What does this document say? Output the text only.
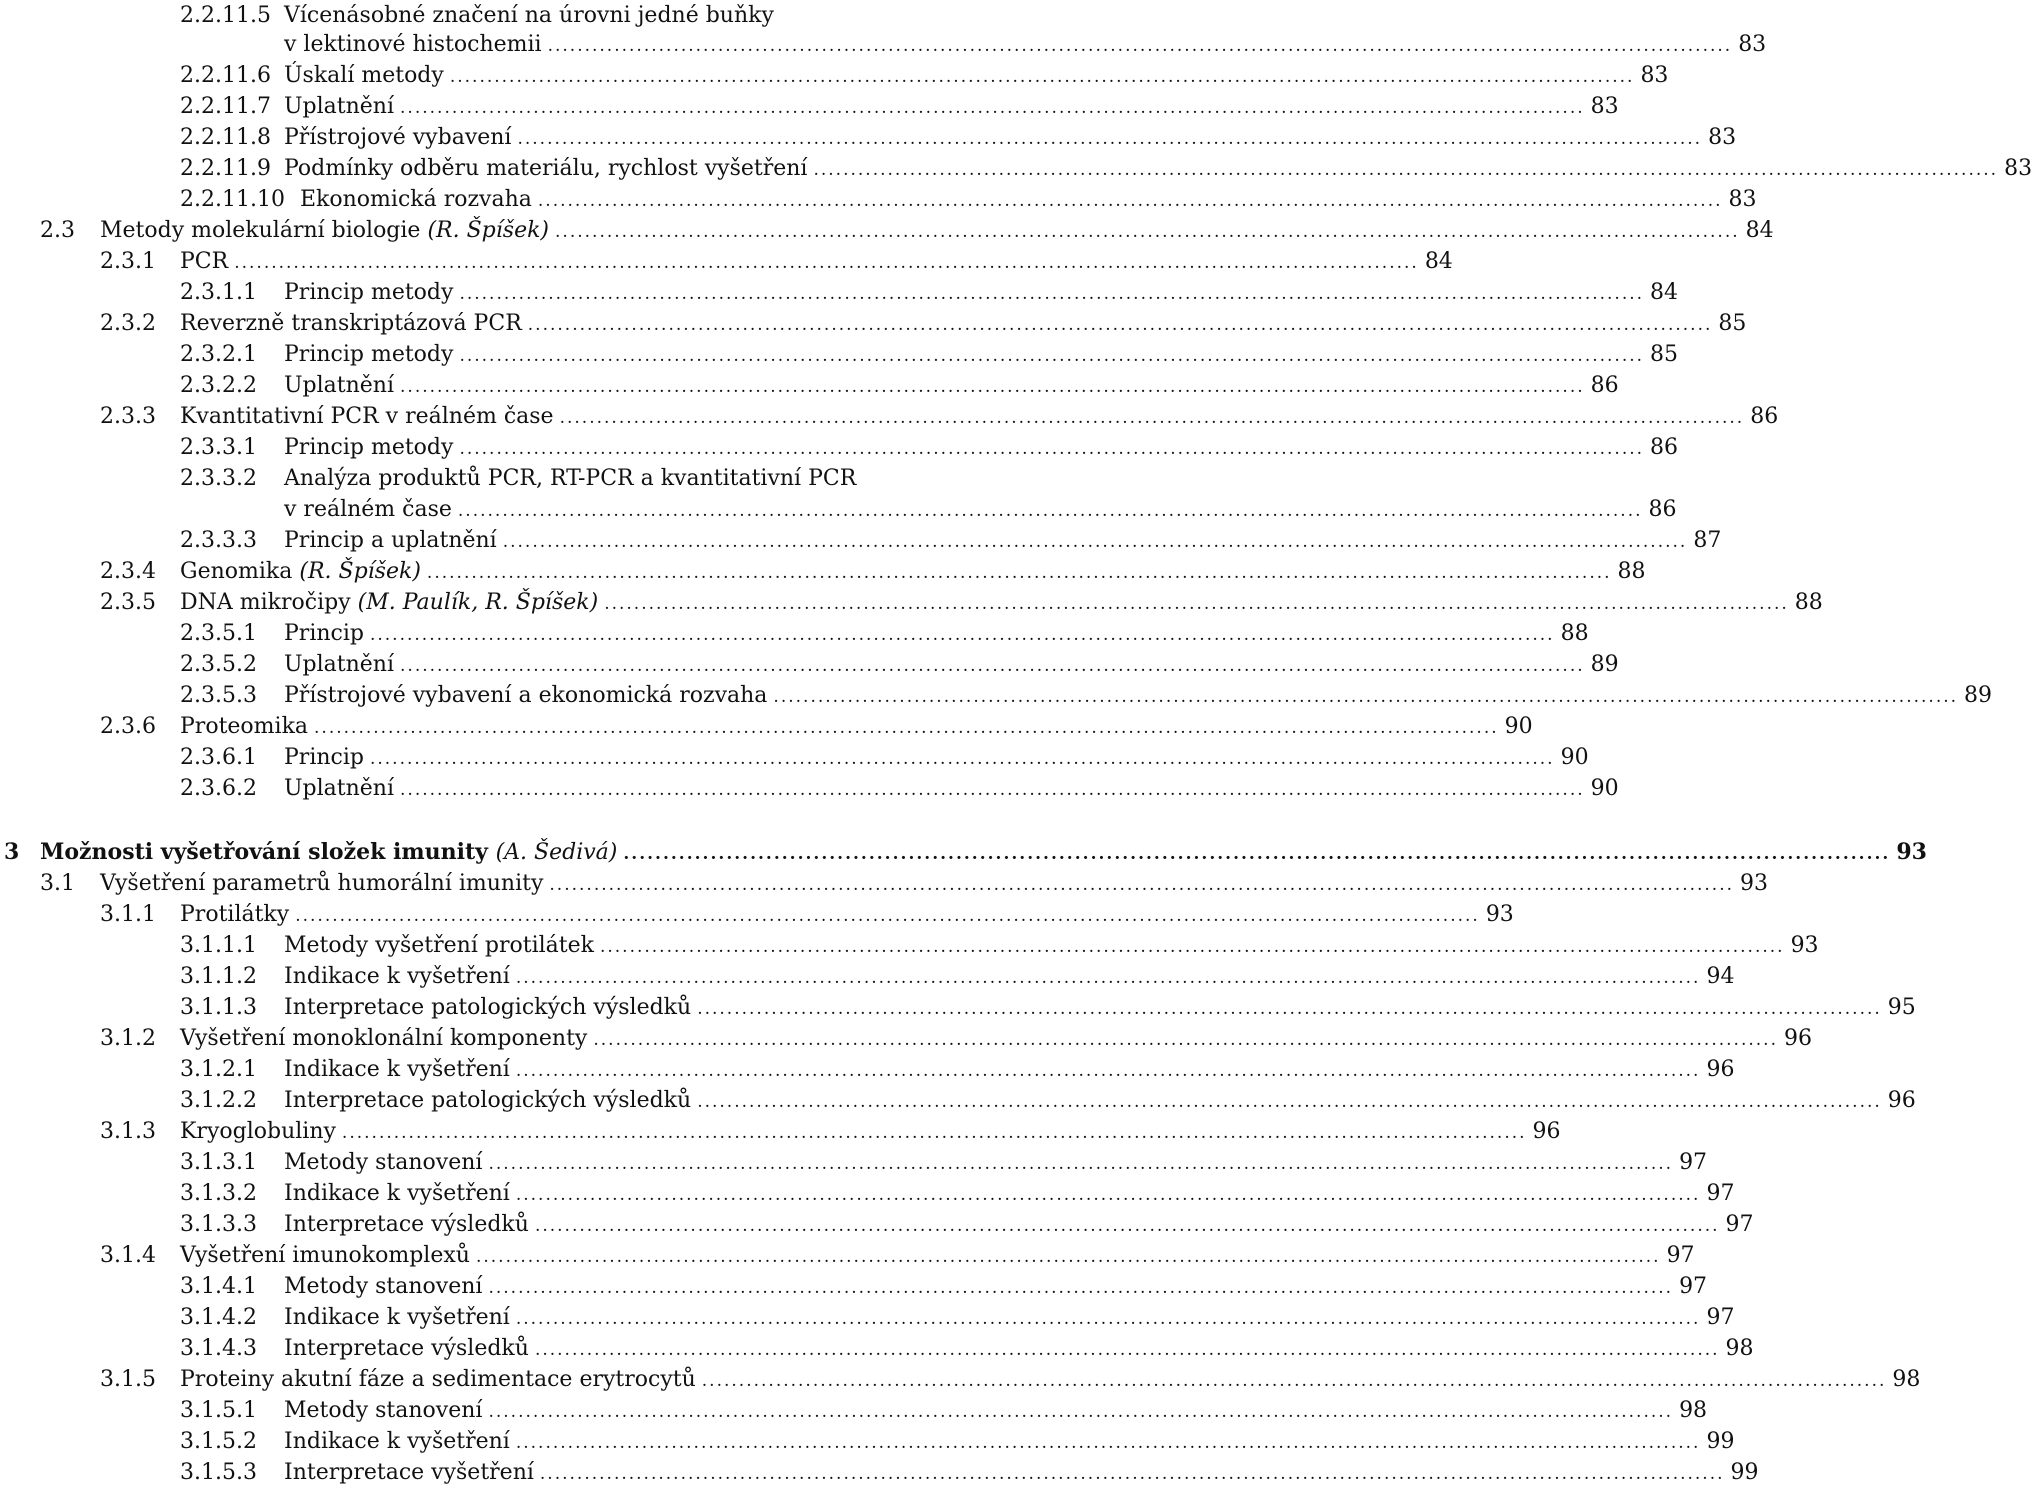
2.2.11.5 Vícenásobné značení na úrovni jedné buňky
v lektinové histochemii ................................................................................................................................................................ 83
2.2.11.6 Úskalí metody ................................................................................................................................................................ 83
2.2.11.7 Uplatnění ................................................................................................................................................................ 83
2.2.11.8 Přístrojové vybavení ................................................................................................................................................................ 83
2.2.11.9 Podmínky odběru materiálu, rychlost vyšetření ................................................................................................................................................................ 83
2.2.11.10 Ekonomická rozvaha ................................................................................................................................................................ 83
2.3 Metody molekulární biologie (R. Špíšek) ................................................................................................................................................................ 84
2.3.1 PCR ................................................................................................................................................................ 84
2.3.1.1 Princip metody ................................................................................................................................................................ 84
2.3.2 Reverzně transkriptázová PCR ................................................................................................................................................................ 85
2.3.2.1 Princip metody ................................................................................................................................................................ 85
2.3.2.2 Uplatnění ................................................................................................................................................................ 86
2.3.3 Kvantitativní PCR v reálném čase ................................................................................................................................................................ 86
2.3.3.1 Princip metody ................................................................................................................................................................ 86
2.3.3.2 Analýza produktů PCR, RT-PCR a kvantitativní PCR
v reálném čase ................................................................................................................................................................ 86
2.3.3.3 Princip a uplatnění ................................................................................................................................................................ 87
2.3.4 Genomika (R. Špíšek) ................................................................................................................................................................ 88
2.3.5 DNA mikročipy (M. Paulík, R. Špíšek) ................................................................................................................................................................ 88
2.3.5.1 Princip ................................................................................................................................................................ 88
2.3.5.2 Uplatnění ................................................................................................................................................................ 89
2.3.5.3 Přístrojové vybavení a ekonomická rozvaha ................................................................................................................................................................ 89
2.3.6 Proteomika ................................................................................................................................................................ 90
2.3.6.1 Princip ................................................................................................................................................................ 90
2.3.6.2 Uplatnění ................................................................................................................................................................ 90
3 Možnosti vyšetřování složek imunity (A. Šedivá) ................................................................................................................................................................ 93
3.1 Vyšetření parametrů humorální imunity ................................................................................................................................................................ 93
3.1.1 Protilátky ................................................................................................................................................................ 93
3.1.1.1 Metody vyšetření protilátek ................................................................................................................................................................ 93
3.1.1.2 Indikace k vyšetření ................................................................................................................................................................ 94
3.1.1.3 Interpretace patologických výsledků ................................................................................................................................................................ 95
3.1.2 Vyšetření monoklonální komponenty ................................................................................................................................................................ 96
3.1.2.1 Indikace k vyšetření ................................................................................................................................................................ 96
3.1.2.2 Interpretace patologických výsledků ................................................................................................................................................................ 96
3.1.3 Kryoglobuliny ................................................................................................................................................................ 96
3.1.3.1 Metody stanovení ................................................................................................................................................................ 97
3.1.3.2 Indikace k vyšetření ................................................................................................................................................................ 97
3.1.3.3 Interpretace výsledků ................................................................................................................................................................ 97
3.1.4 Vyšetření imunokomplexů ................................................................................................................................................................ 97
3.1.4.1 Metody stanovení ................................................................................................................................................................ 97
3.1.4.2 Indikace k vyšetření ................................................................................................................................................................ 97
3.1.4.3 Interpretace výsledků ................................................................................................................................................................ 98
3.1.5 Proteiny akutní fáze a sedimentace erytrocytů ................................................................................................................................................................ 98
3.1.5.1 Metody stanovení ................................................................................................................................................................ 98
3.1.5.2 Indikace k vyšetření ................................................................................................................................................................ 99
3.1.5.3 Interpretace vyšetření ................................................................................................................................................................ 99
